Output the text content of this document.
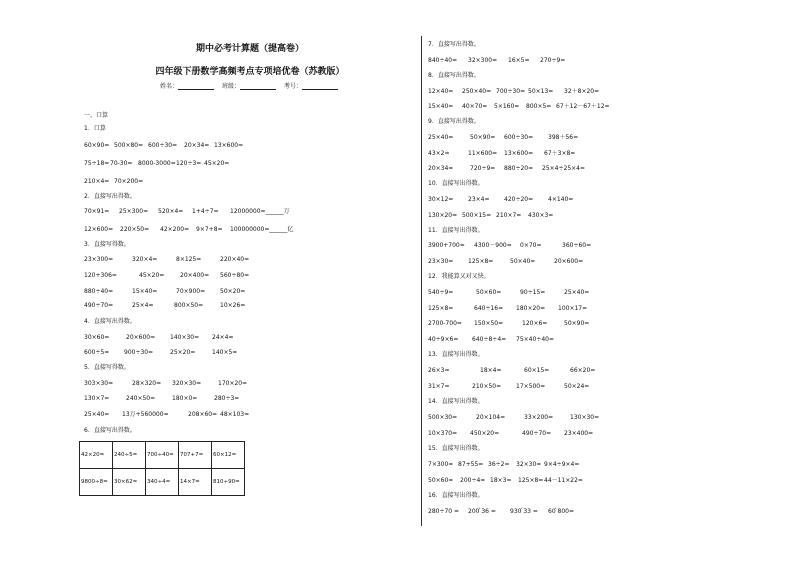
期中必考计算题（提高卷）
四年级下册数学高频考点专项培优卷（苏教版）
姓名：	班级：	考号：
一、口算
1．口算
60×90= 500×80= 600÷30= 20×34= 13×600=
75÷18= 70-30= 8000-3000= 120÷3= 45×20=
210×4= 70×200=
2．直接写出得数。
70×91= 25×300= 520×4= 1+4÷7= 12000000=______万
12×600= 220×50= 42×200= 9×7+8= 100000000=______亿
3．直接写得数。
23×300=	320×4=	8×125=	220×40=
120+306=	45×20=	20×400= 560÷80=
880÷40=	15×40=	70×900= 50×20=
490÷70=	25×4=	800×50=	10×26=
4．直接写出得数。
30×60=	20×600= 140×30= 24×4=
600÷5= 900÷30=	25×20=	140×5=
5．直接写得数。
303×30=	28×320= 320×30=	170×20=
130×7=	240×50=	180×0=	280÷3=
25×40= 13万+560000=	208×60= 48×103=
6．直接写出得数。
7．直接写出得数。
840÷40= 32×300= 16×5= 270÷9=
8．直接写出得数。
12×40= 250×40= 700÷30= 50×13= 32＋8×20=
15×40= 40×70= 5×160= 800×5= 67＋12－67＋12=
9．直接写出得数。
25×40=	50×90= 600÷30= 398＋56=
43×2=	11×600= 13×600= 67＋3×8=
20×34=	720÷9= 880÷20= 25×4÷25×4=
10．直接写出得数。
30×12= 23×4= 420÷20= 4×140=
130×20= 500×15= 210×7= 430×3=
11．直接写出得数。
3900+700= 4300－900= 0×70=	360÷60=
23×30= 125×8=	50×40=	20×600=
12．我能算又对又快。
540÷9=	50×60=	90÷15=	25×40=
125×8=	640÷16= 180×20= 100×17=
2700-700= 150×50=	120×6=	50×90=
40÷9×6= 640÷8÷4= 75×40÷40=
13．直接写出得数。
26×3=	18×4=	60×15=	66×20=
31×7=	210×50= 17×500=	50×24=
14．直接写出得数。
500×30=	20×104=	33×200=	130×30=
10×370= 450×20=	490÷70= 23×400=
15．直接写出得数。
7×300= 87+55= 36÷2= 32×30= 9×4÷9×4=
50×60= 200÷4= 18×3= 125×8= 44－11×22=
16．直接写出得数。
280÷70 = 200 ̀36 = 930 ̀33 = 60 ̀800=
42×20=	240÷5=	700÷40=	707+7=	60×12=
9800÷8=	30×62=	340÷4=	14×7=	810÷90=
